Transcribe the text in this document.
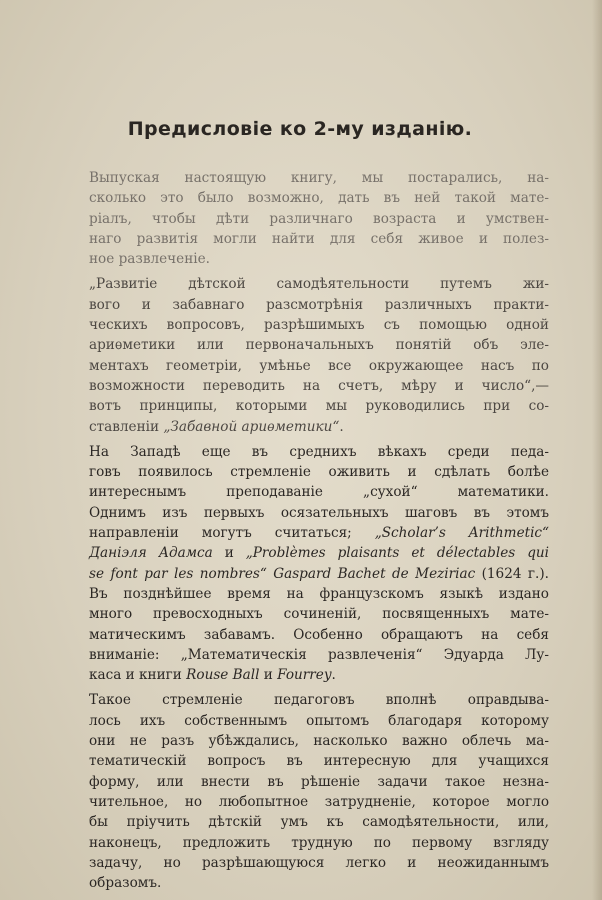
Предисловіе ко 2-му изданію.

Выпуская настоящую книгу, мы постарались, на-
сколько это было возможно, дать въ ней такой мате-
ріалъ, чтобы дѣти различнаго возраста и умствен-
наго развитія могли найти для себя живое и полез-
ное развлеченіе.

„Развитіе дѣтской самодѣятельности путемъ жи-
вого и забавнаго разсмотрѣнія различныхъ практи-
ческихъ вопросовъ, разрѣшимыхъ съ помощью одной
ариѳметики или первоначальныхъ понятій объ эле-
ментахъ геометріи, умѣнье все окружающее насъ по
возможности переводить на счетъ, мѣру и число“,—
вотъ принципы, которыми мы руководились при со-
ставленіи „Забавной ариѳметики“.

На Западѣ еще въ среднихъ вѣкахъ среди педа-
говъ появилось стремленіе оживить и сдѣлать болѣе
интереснымъ преподаваніе „сухой“ математики.
Однимъ изъ первыхъ осязательныхъ шаговъ въ этомъ
направленіи могутъ считаться; „Scholar’s Arithmetic“
Даніэля Адамса и „Problèmes plaisants et délectables qui
se font par les nombres“ Gaspard Bachet de Meziriac (1624 г.).
Въ позднѣйшее время на французскомъ языкѣ издано
много превосходныхъ сочиненій, посвященныхъ мате-
матическимъ забавамъ. Особенно обращаютъ на себя
вниманіе: „Математическія развлеченія“ Эдуарда Лу-
каса и книги Rouse Ball и Fourrey.

Такое стремленіе педагоговъ вполнѣ оправдыва-
лось ихъ собственнымъ опытомъ благодаря которому
они не разъ убѣждались, насколько важно облечь ма-
тематическій вопросъ въ интересную для учащихся
форму, или внести въ рѣшеніе задачи такое незна-
чительное, но любопытное затрудненіе, которое могло
бы пріучить дѣтскій умъ къ самодѣятельности, или,
наконецъ, предложить трудную по первому взгляду
задачу, но разрѣшающуюся легко и неожиданнымъ
образомъ.
